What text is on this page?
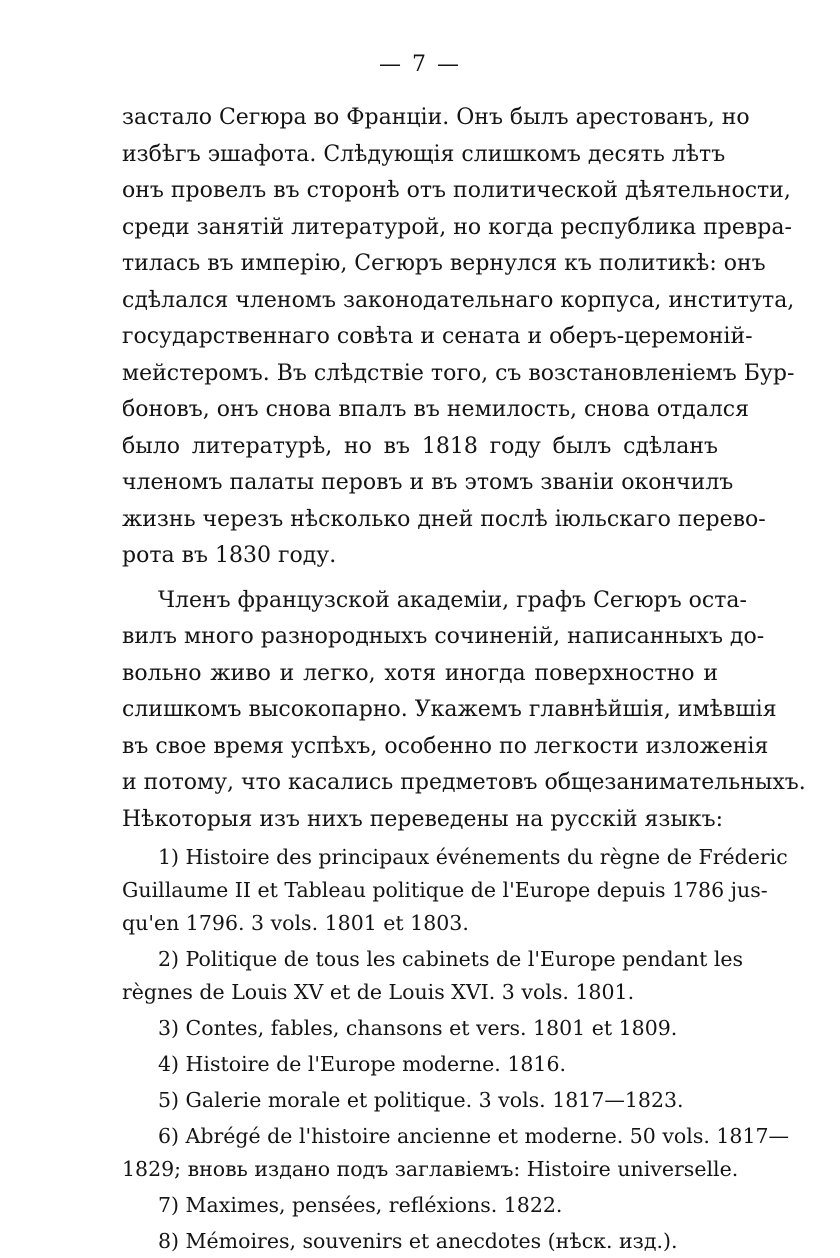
— 7 —
застало Сегюра во Франціи. Онъ былъ арестованъ, но
избѣгъ эшафота. Слѣдующія слишкомъ десять лѣтъ
онъ провелъ въ сторонѣ отъ политической дѣятельности,
среди занятій литературой, но когда республика превра-
тилась въ имперію, Сегюръ вернулся къ политикѣ: онъ
сдѣлался членомъ законодательнаго корпуса, института,
государственнаго совѣта и сената и оберъ-церемоній-
мейстеромъ. Въ слѣдствіе того, съ возстановленіемъ Бур-
боновъ, онъ снова впалъ въ немилость, снова отдался
было литературѣ, но въ 1818 году былъ сдѣланъ
членомъ палаты перовъ и въ этомъ званіи окончилъ
жизнь черезъ нѣсколько дней послѣ іюльскаго перево-
рота въ 1830 году.
Членъ французской академіи, графъ Сегюръ оста-
вилъ много разнородныхъ сочиненій, написанныхъ до-
вольно живо и легко, хотя иногда поверхностно и
слишкомъ высокопарно. Укажемъ главнѣйшія, имѣвшія
въ свое время успѣхъ, особенно по легкости изложенія
и потому, что касались предметовъ общезанимательныхъ.
Нѣкоторыя изъ нихъ переведены на русскій языкъ:
1) Histoire des principaux événements du règne de Fréderic
Guillaume II et Tableau politique de l'Europe depuis 1786 jus-
qu'en 1796. 3 vols. 1801 et 1803.
2) Politique de tous les cabinets de l'Europe pendant les
règnes de Louis XV et de Louis XVI. 3 vols. 1801.
3) Contes, fables, chansons et vers. 1801 et 1809.
4) Histoire de l'Europe moderne. 1816.
5) Galerie morale et politique. 3 vols. 1817—1823.
6) Abrégé de l'histoire ancienne et moderne. 50 vols. 1817—
1829; вновь издано подъ заглавіемъ: Histoire universelle.
7) Maximes, pensées, refléxions. 1822.
8) Mémoires, souvenirs et anecdotes (нѣск. изд.).
